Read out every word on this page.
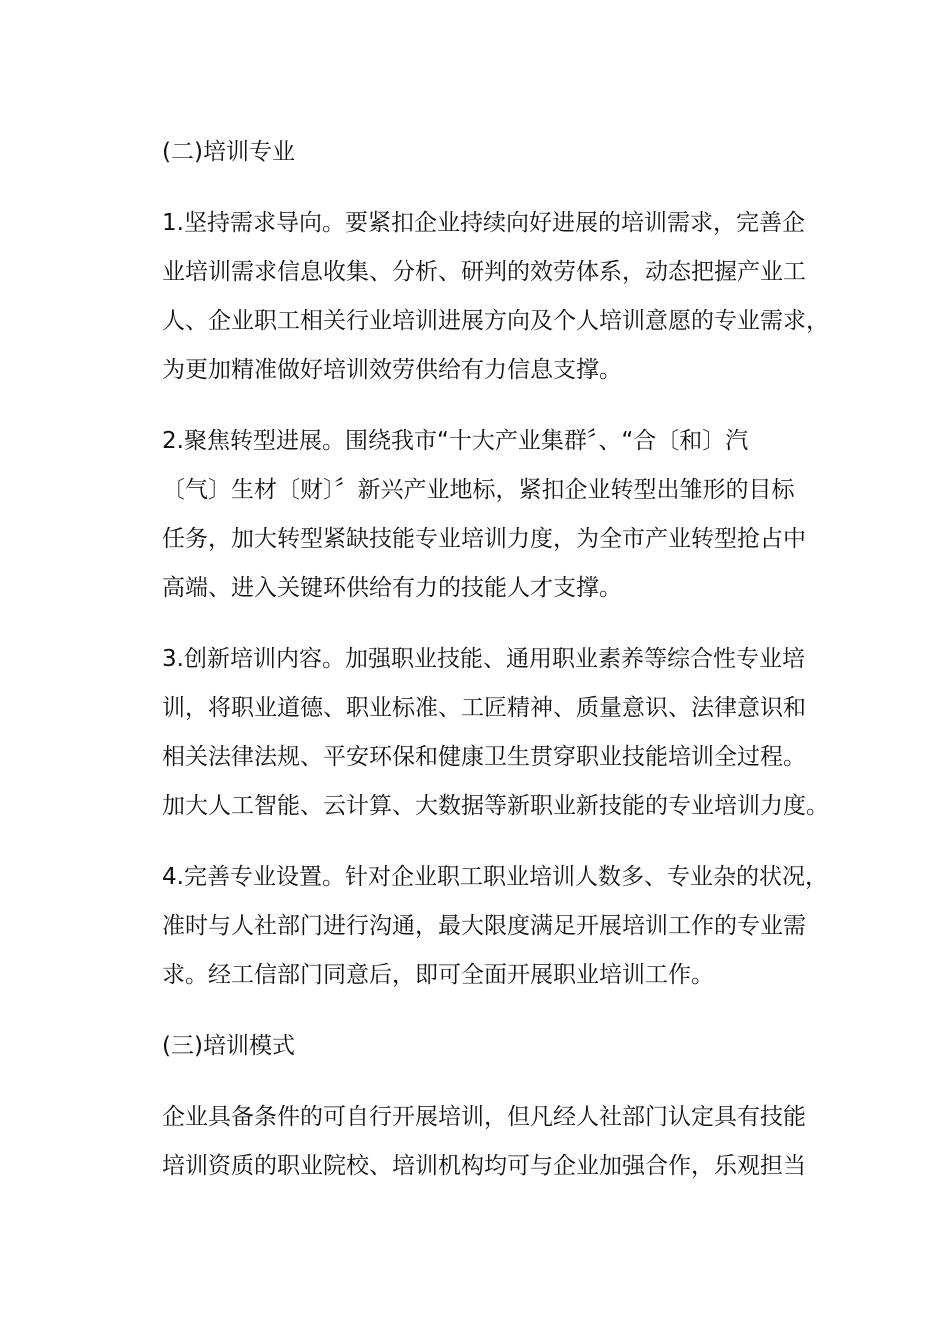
(二)培训专业

1.坚持需求导向。要紧扣企业持续向好进展的培训需求，完善企
业培训需求信息收集、分析、研判的效劳体系，动态把握产业工
人、企业职工相关行业培训进展方向及个人培训意愿的专业需求，
为更加精准做好培训效劳供给有力信息支撑。

2.聚焦转型进展。围绕我市“十大产业集群〞、“合〔和〕汽
〔气〕生材〔财〕〞新兴产业地标，紧扣企业转型出雏形的目标
任务，加大转型紧缺技能专业培训力度，为全市产业转型抢占中
高端、进入关键环供给有力的技能人才支撑。

3.创新培训内容。加强职业技能、通用职业素养等综合性专业培
训，将职业道德、职业标准、工匠精神、质量意识、法律意识和
相关法律法规、平安环保和健康卫生贯穿职业技能培训全过程。
加大人工智能、云计算、大数据等新职业新技能的专业培训力度。

4.完善专业设置。针对企业职工职业培训人数多、专业杂的状况，
准时与人社部门进行沟通，最大限度满足开展培训工作的专业需
求。经工信部门同意后，即可全面开展职业培训工作。

(三)培训模式

企业具备条件的可自行开展培训，但凡经人社部门认定具有技能
培训资质的职业院校、培训机构均可与企业加强合作，乐观担当
